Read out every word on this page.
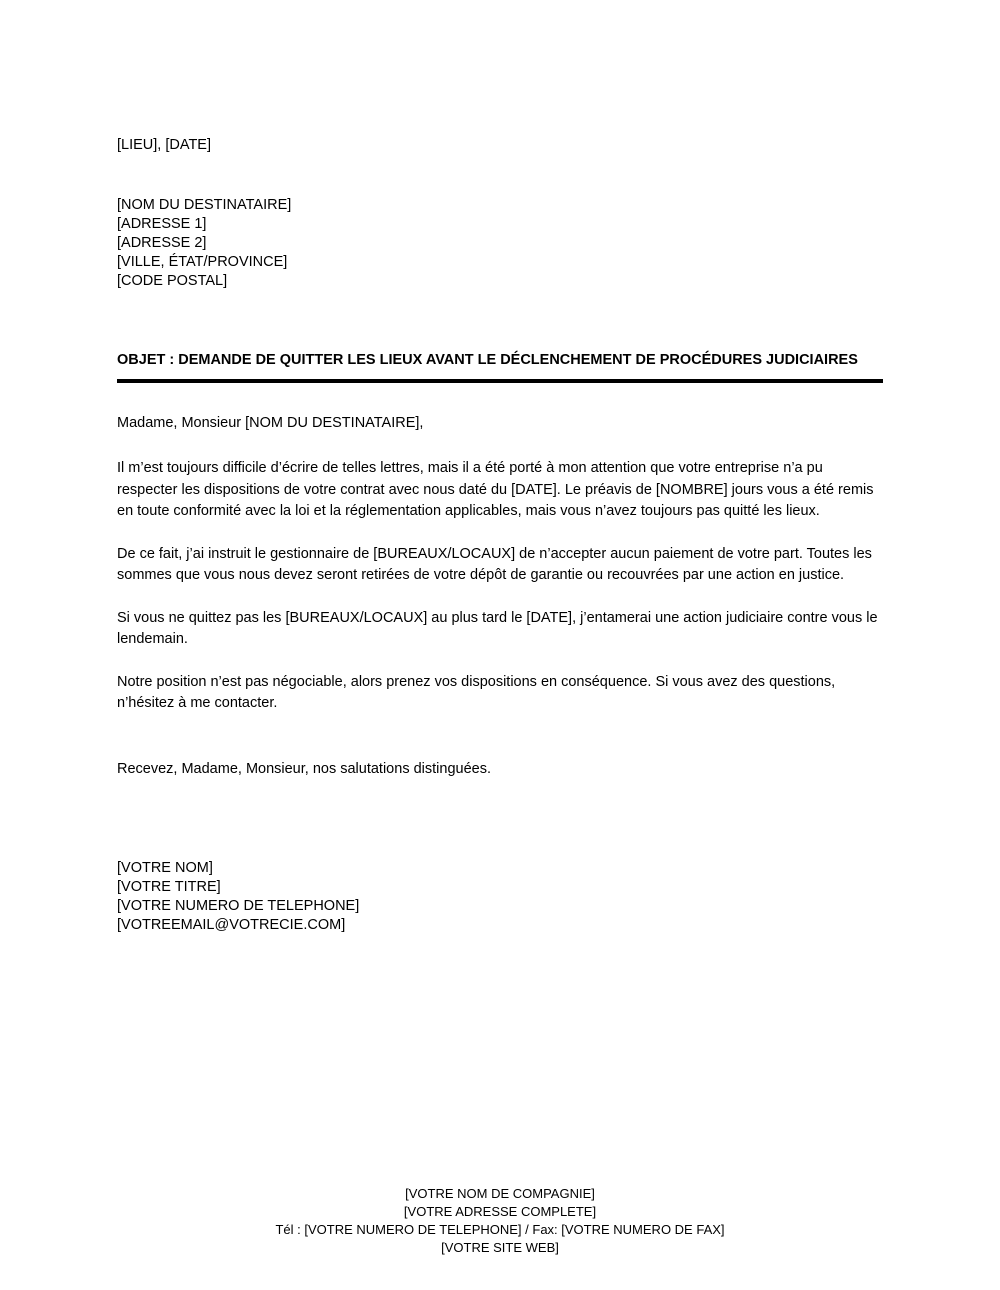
[LIEU], [DATE]
[NOM DU DESTINATAIRE]
[ADRESSE 1]
[ADRESSE 2]
[VILLE, ÉTAT/PROVINCE]
[CODE POSTAL]
OBJET : DEMANDE DE QUITTER LES LIEUX AVANT LE DÉCLENCHEMENT DE PROCÉDURES JUDICIAIRES
Madame, Monsieur [NOM DU DESTINATAIRE],

Il m’est toujours difficile d’écrire de telles lettres, mais il a été porté à mon attention que votre entreprise n’a pu respecter les dispositions de votre contrat avec nous daté du [DATE]. Le préavis de [NOMBRE] jours vous a été remis en toute conformité avec la loi et la réglementation applicables, mais vous n’avez toujours pas quitté les lieux.

De ce fait, j’ai instruit le gestionnaire de [BUREAUX/LOCAUX] de n’accepter aucun paiement de votre part. Toutes les sommes que vous nous devez seront retirées de votre dépôt de garantie ou recouvrées par une action en justice.

Si vous ne quittez pas les [BUREAUX/LOCAUX] au plus tard le [DATE], j’entamerai une action judiciaire contre vous le lendemain.

Notre position n’est pas négociable, alors prenez vos dispositions en conséquence. Si vous avez des questions, n’hésitez à me contacter.

Recevez, Madame, Monsieur, nos salutations distinguées.
[VOTRE NOM]
[VOTRE TITRE]
[VOTRE NUMERO DE TELEPHONE]
[VOTREEMAIL@VOTRECIE.COM]
[VOTRE NOM DE COMPAGNIE]
[VOTRE ADRESSE COMPLETE]
Tél : [VOTRE NUMERO DE TELEPHONE] / Fax: [VOTRE NUMERO DE FAX]
[VOTRE SITE WEB]
